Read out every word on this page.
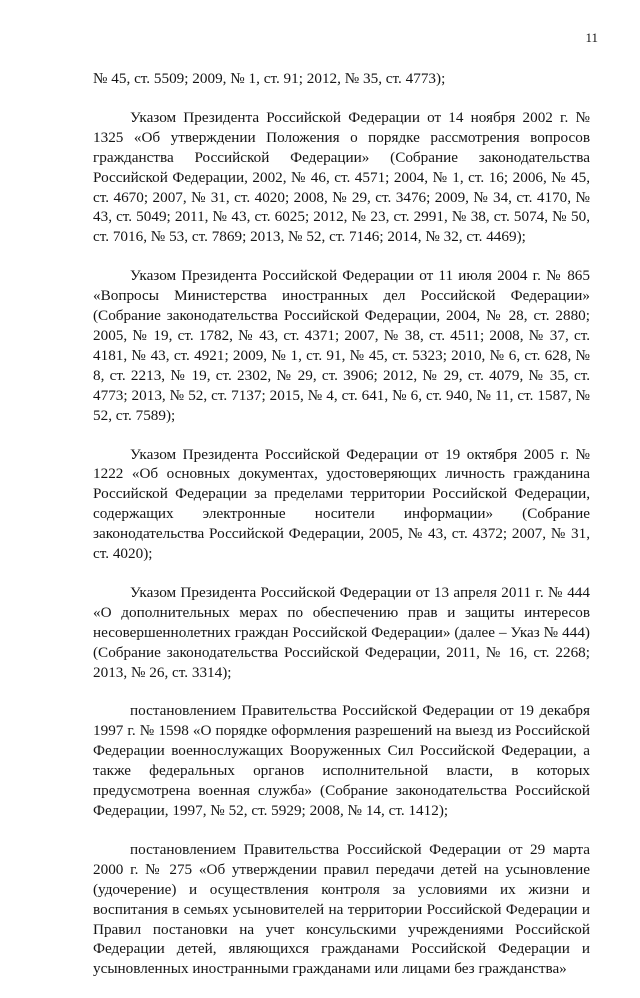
11

№ 45, ст. 5509; 2009, № 1, ст. 91; 2012, № 35, ст. 4773);

Указом Президента Российской Федерации от 14 ноября 2002 г. № 1325 «Об утверждении Положения о порядке рассмотрения вопросов гражданства Российской Федерации» (Собрание законодательства Российской Федерации, 2002, № 46, ст. 4571; 2004, № 1, ст. 16; 2006, № 45, ст. 4670; 2007, № 31, ст. 4020; 2008, № 29, ст. 3476; 2009, № 34, ст. 4170, № 43, ст. 5049; 2011, № 43, ст. 6025; 2012, № 23, ст. 2991, № 38, ст. 5074, № 50, ст. 7016, № 53, ст. 7869; 2013, № 52, ст. 7146; 2014, № 32, ст. 4469);

Указом Президента Российской Федерации от 11 июля 2004 г. № 865 «Вопросы Министерства иностранных дел Российской Федерации» (Собрание законодательства Российской Федерации, 2004, № 28, ст. 2880; 2005, № 19, ст. 1782, № 43, ст. 4371; 2007, № 38, ст. 4511; 2008, № 37, ст. 4181, № 43, ст. 4921; 2009, № 1, ст. 91, № 45, ст. 5323; 2010, № 6, ст. 628, № 8, ст. 2213, № 19, ст. 2302, № 29, ст. 3906; 2012, № 29, ст. 4079, № 35, ст. 4773; 2013, № 52, ст. 7137; 2015, № 4, ст. 641, № 6, ст. 940, № 11, ст. 1587, № 52, ст. 7589);

Указом Президента Российской Федерации от 19 октября 2005 г. № 1222 «Об основных документах, удостоверяющих личность гражданина Российской Федерации за пределами территории Российской Федерации, содержащих электронные носители информации» (Собрание законодательства Российской Федерации, 2005, № 43, ст. 4372; 2007, № 31, ст. 4020);

Указом Президента Российской Федерации от 13 апреля 2011 г. № 444 «О дополнительных мерах по обеспечению прав и защиты интересов несовершеннолетних граждан Российской Федерации» (далее – Указ № 444) (Собрание законодательства Российской Федерации, 2011, № 16, ст. 2268; 2013, № 26, ст. 3314);

постановлением Правительства Российской Федерации от 19 декабря 1997 г. № 1598 «О порядке оформления разрешений на выезд из Российской Федерации военнослужащих Вооруженных Сил Российской Федерации, а также федеральных органов исполнительной власти, в которых предусмотрена военная служба» (Собрание законодательства Российской Федерации, 1997, № 52, ст. 5929; 2008, № 14, ст. 1412);

постановлением Правительства Российской Федерации от 29 марта 2000 г. № 275 «Об утверждении правил передачи детей на усыновление (удочерение) и осуществления контроля за условиями их жизни и воспитания в семьях усыновителей на территории Российской Федерации и Правил постановки на учет консульскими учреждениями Российской Федерации детей, являющихся гражданами Российской Федерации и усыновленных иностранными гражданами или лицами без гражданства»
